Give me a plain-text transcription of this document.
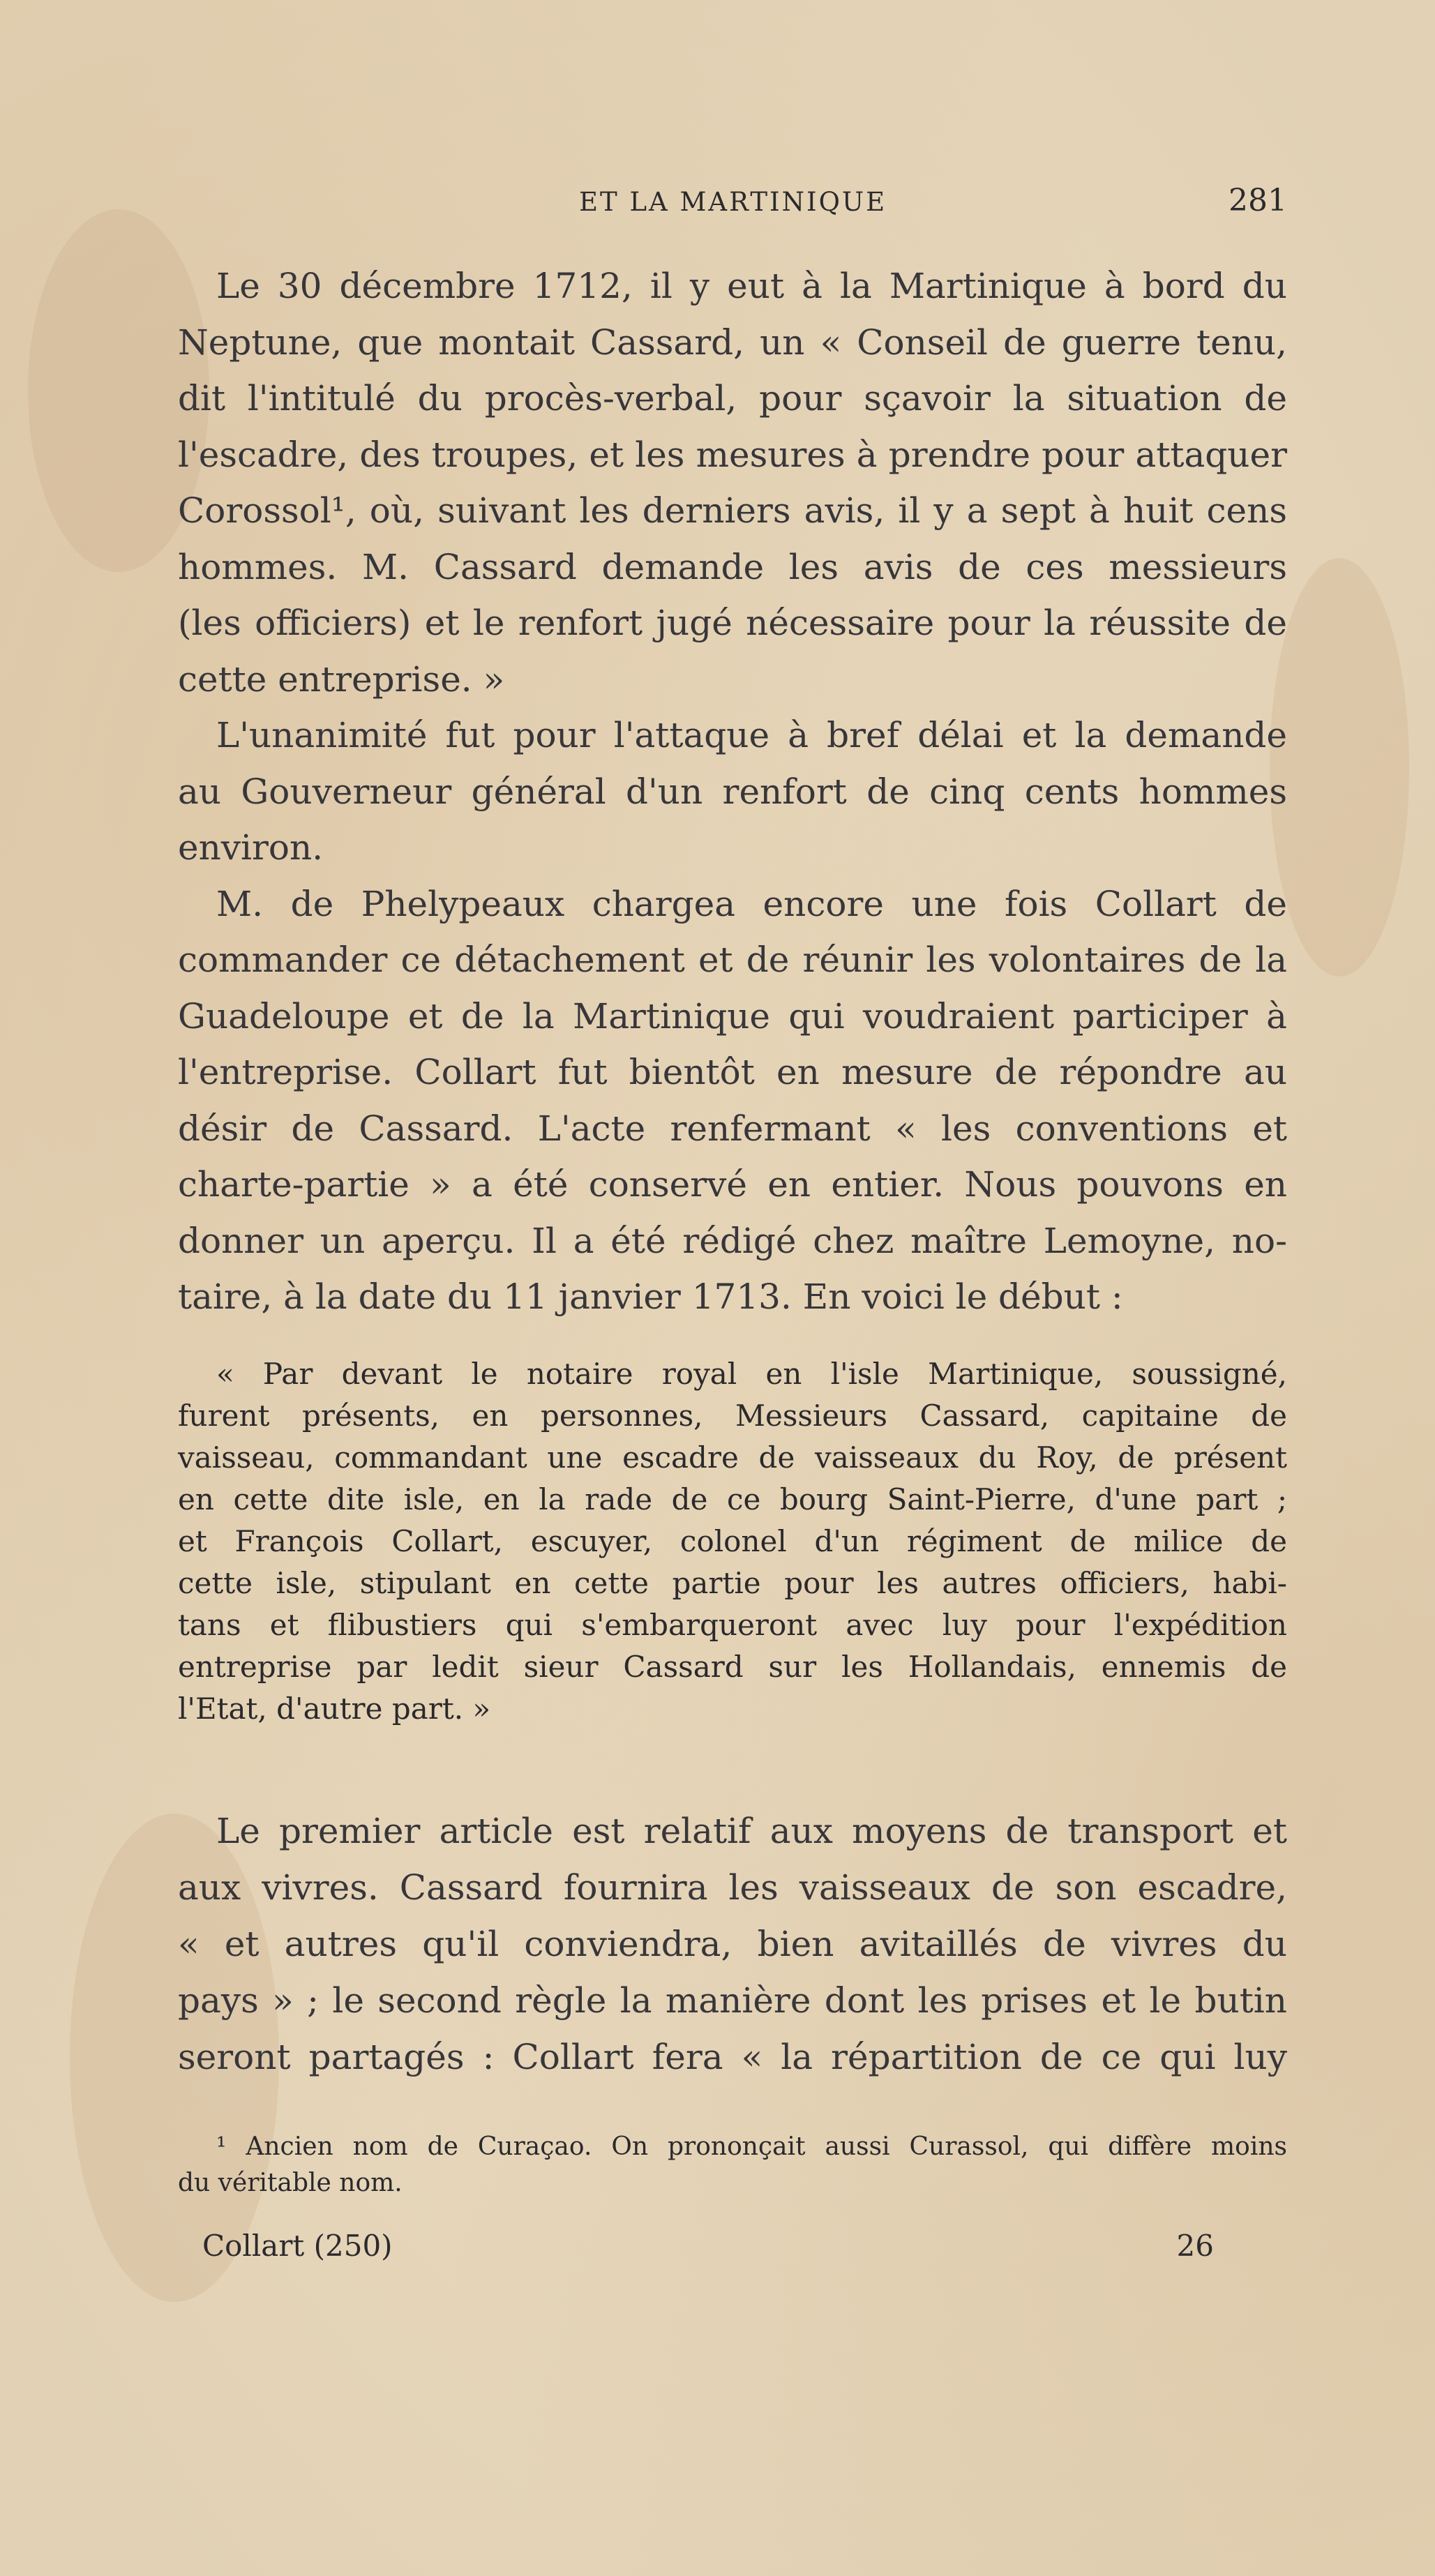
ET LA MARTINIQUE	281
Le 30 décembre 1712, il y eut à la Martinique à bord du
Neptune, que montait Cassard, un « Conseil de guerre tenu,
dit l'intitulé du procès-verbal, pour sçavoir la situation de
l'escadre, des troupes, et les mesures à prendre pour attaquer
Corossol¹, où, suivant les derniers avis, il y a sept à huit cens
hommes. M. Cassard demande les avis de ces messieurs
(les officiers) et le renfort jugé nécessaire pour la réussite de
cette entreprise. »
L'unanimité fut pour l'attaque à bref délai et la demande
au Gouverneur général d'un renfort de cinq cents hommes
environ.
M. de Phelypeaux chargea encore une fois Collart de
commander ce détachement et de réunir les volontaires de la
Guadeloupe et de la Martinique qui voudraient participer à
l'entreprise. Collart fut bientôt en mesure de répondre au
désir de Cassard. L'acte renfermant « les conventions et
charte-partie » a été conservé en entier. Nous pouvons en
donner un aperçu. Il a été rédigé chez maître Lemoyne, no-
taire, à la date du 11 janvier 1713. En voici le début :
« Par devant le notaire royal en l'isle Martinique, soussigné,
furent présents, en personnes, Messieurs Cassard, capitaine de
vaisseau, commandant une escadre de vaisseaux du Roy, de présent
en cette dite isle, en la rade de ce bourg Saint-Pierre, d'une part ;
et François Collart, escuyer, colonel d'un régiment de milice de
cette isle, stipulant en cette partie pour les autres officiers, habi-
tans et flibustiers qui s'embarqueront avec luy pour l'expédition
entreprise par ledit sieur Cassard sur les Hollandais, ennemis de
l'Etat, d'autre part. »
Le premier article est relatif aux moyens de transport et
aux vivres. Cassard fournira les vaisseaux de son escadre,
« et autres qu'il conviendra, bien avitaillés de vivres du
pays » ; le second règle la manière dont les prises et le butin
seront partagés : Collart fera « la répartition de ce qui luy
¹ Ancien nom de Curaçao. On prononçait aussi Curassol, qui diffère moins
du véritable nom.
Collart (250)	26
